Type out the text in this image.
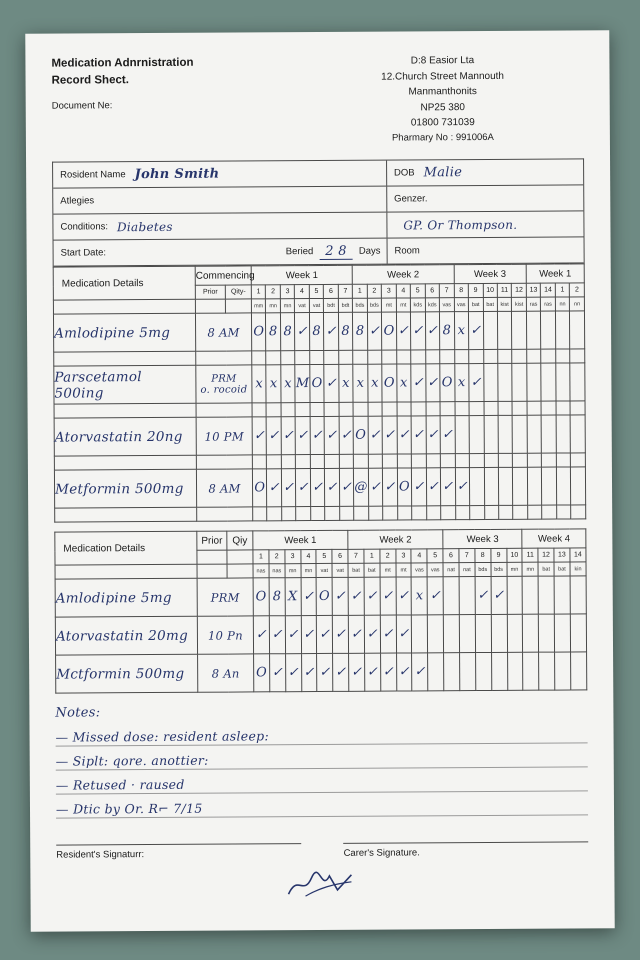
Medication Adnrnistration
Record Shect.
Document Ne:
D:8 Easior Lta
12.Church Street Mannouth
Manmanthonits
NP25 380
01800 731039
Pharmary No : 991006A
Rosident Name John Smith	DOB Malie
Atlegies	Genzer.
Conditions: Diabetes	GP. Or Thompson.
Start Date:	Beried 2 8	Days Room
Medication Details	Commencing		Week 1							Week 2							Week 3					Week 1			
	Prior	Qity-	1	2	3	4	5	6	7	1	2	3	4	5	6	7	8	9	10	11	12	13	14	1	2
			mm	mn	mn	vat	vat	bdt	bdt	bds	bds	mt	mt	kds	kds	vas	vas	bat	bat	kist	kist	ras	ras	nn	nn
Amlodipine 5mg	8 AM		O	8	8	✓	8	✓	8	8	✓	O	✓	✓	✓	8	x	✓							

Parscetamol 500ing	PRM
o. rocoid		x	x	x	M	O	✓	x	x	x	O	x	✓	✓	O	x	✓							

Atorvastatin 20ng	10 PM		✓	✓	✓	✓	✓	✓	✓	O	✓	✓	✓	✓	✓	✓									

Metformin 500mg	8 AM		O	✓	✓	✓	✓	✓	✓	@	✓	✓	O	✓	✓	✓	✓								

Medication Details	Prior	Qiy	Week 1						Week 2						Week 3					Week 4			
			1	2	3	4	5	6	7	1	2	3	4	5	6	7	8	9	10	11	12	13	14
			nas	nas	mn	mn	vat	vat	bat	bat	mt	mt	vas	vas	nat	nat	bds	bds	mn	mn	bat	bat	kin
Amlodipine 5mg	PRM		O	8	X	✓	O	✓	✓	✓	✓	✓	x	✓			✓	✓					
Atorvastatin 20mg	10 Pn		✓	✓	✓	✓	✓	✓	✓	✓	✓	✓											
Mctformin 500mg	8 An		O	✓	✓	✓	✓	✓	✓	✓	✓	✓	✓										
Notes:
— Missed dose: resident asleep:
— Siplt: qore. anottier:
— Retused · raused
— Dtic by Or. R⌐ 7/15
Resident's Signaturr:	Carer's Signature.
